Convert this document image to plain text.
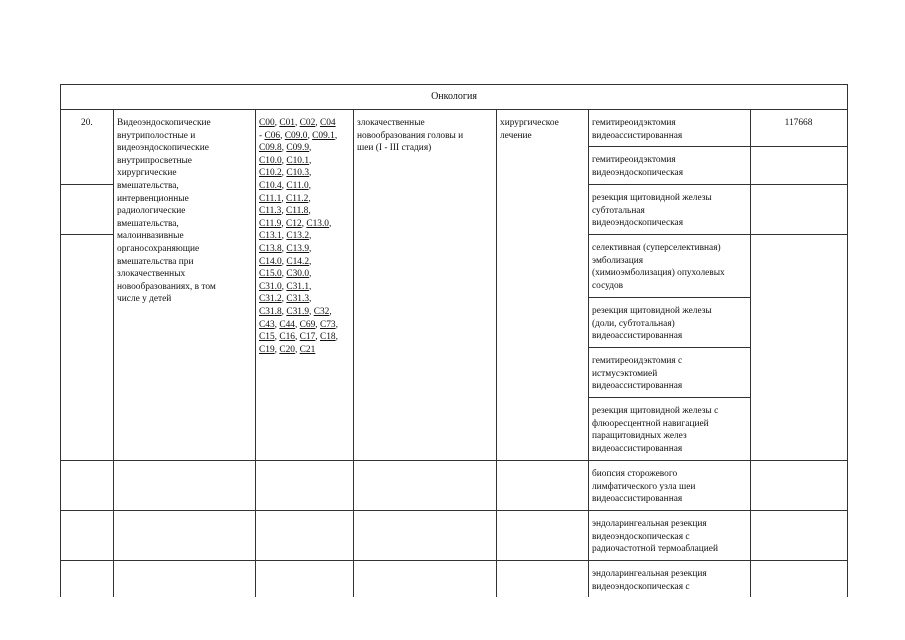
Онкология
20.	Видеоэндоскопические
внутриполостные и
видеоэндоскопические
внутрипросветные
хирургические
вмешательства,
интервенционные
радиологические
вмешательства,
малоинвазивные
органосохраняющие
вмешательства при
злокачественных
новообразованиях, в том
числе у детей
C00, C01, C02, C04
- C06, C09.0, C09.1,
C09.8, C09.9,
C10.0, C10.1,
C10.2, C10.3,
C10.4, C11.0,
C11.1, C11.2,
C11.3, C11.8,
C11.9, C12, C13.0,
C13.1, C13.2,
C13.8, C13.9,
C14.0, C14.2,
C15.0, C30.0,
C31.0, C31.1,
C31.2, C31.3,
C31.8, C31.9, C32,
C43, C44, C69, C73,
C15, C16, C17, C18,
C19, C20, C21
злокачественные
новообразования головы и
шеи (I - III стадия)
хирургическое
лечение
117668
гемитиреоидэктомия
видеоассистированная
гемитиреоидэктомия
видеоэндоскопическая
резекция щитовидной железы
субтотальная
видеоэндоскопическая
селективная (суперселективная)
эмболизация
(химиоэмболизация) опухолевых
сосудов
резекция щитовидной железы
(доли, субтотальная)
видеоассистированная
гемитиреоидэктомия с
истмусэктомией
видеоассистированная
резекция щитовидной железы с
флюоресцентной навигацией
паращитовидных желез
видеоассистированная
биопсия сторожевого
лимфатического узла шеи
видеоассистированная
эндоларингеальная резекция
видеоэндоскопическая с
радиочастотной термоаблацией
эндоларингеальная резекция
видеоэндоскопическая с
